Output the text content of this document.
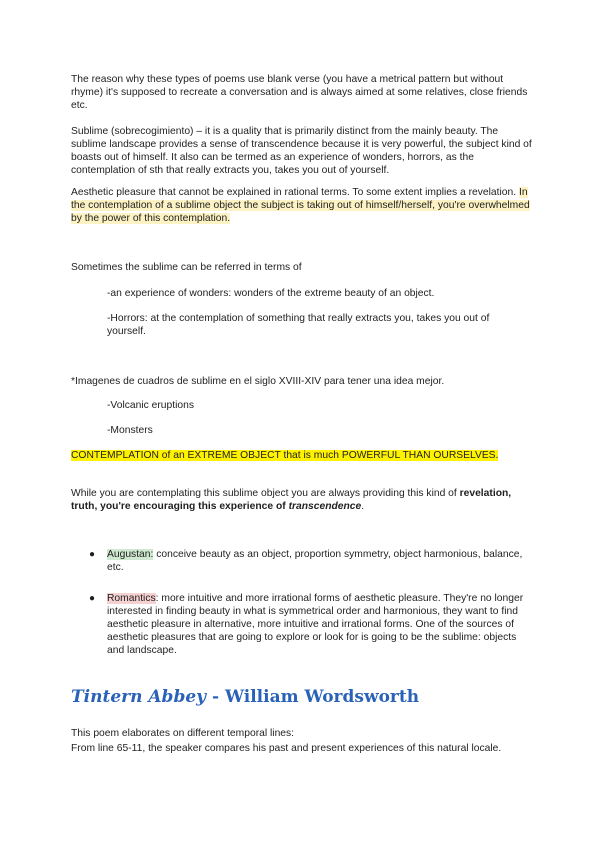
The reason why these types of poems use blank verse (you have a metrical pattern but without rhyme) it's supposed to recreate a conversation and is always aimed at some relatives, close friends etc.

Sublime (sobrecogimiento) – it is a quality that is primarily distinct from the mainly beauty. The sublime landscape provides a sense of transcendence because it is very powerful, the subject kind of boasts out of himself. It also can be termed as an experience of wonders, horrors, as the contemplation of sth that really extracts you, takes you out of yourself.

Aesthetic pleasure that cannot be explained in rational terms. To some extent implies a revelation. In the contemplation of a sublime object the subject is taking out of himself/herself, you're overwhelmed by the power of this contemplation.

Sometimes the sublime can be referred in terms of

-an experience of wonders: wonders of the extreme beauty of an object.

-Horrors: at the contemplation of something that really extracts you, takes you out of yourself.

*Imagenes de cuadros de sublime en el siglo XVIII-XIV para tener una idea mejor.

-Volcanic eruptions

-Monsters

CONTEMPLATION of an EXTREME OBJECT that is much POWERFUL THAN OURSELVES.

While you are contemplating this sublime object you are always providing this kind of revelation, truth, you're encouraging this experience of transcendence.

● Augustan: conceive beauty as an object, proportion symmetry, object harmonious, balance, etc.

● Romantics: more intuitive and more irrational forms of aesthetic pleasure. They're no longer interested in finding beauty in what is symmetrical order and harmonious, they want to find aesthetic pleasure in alternative, more intuitive and irrational forms. One of the sources of aesthetic pleasures that are going to explore or look for is going to be the sublime: objects and landscape.

Tintern Abbey - William Wordsworth

This poem elaborates on different temporal lines:

From line 65-11, the speaker compares his past and present experiences of this natural locale.
